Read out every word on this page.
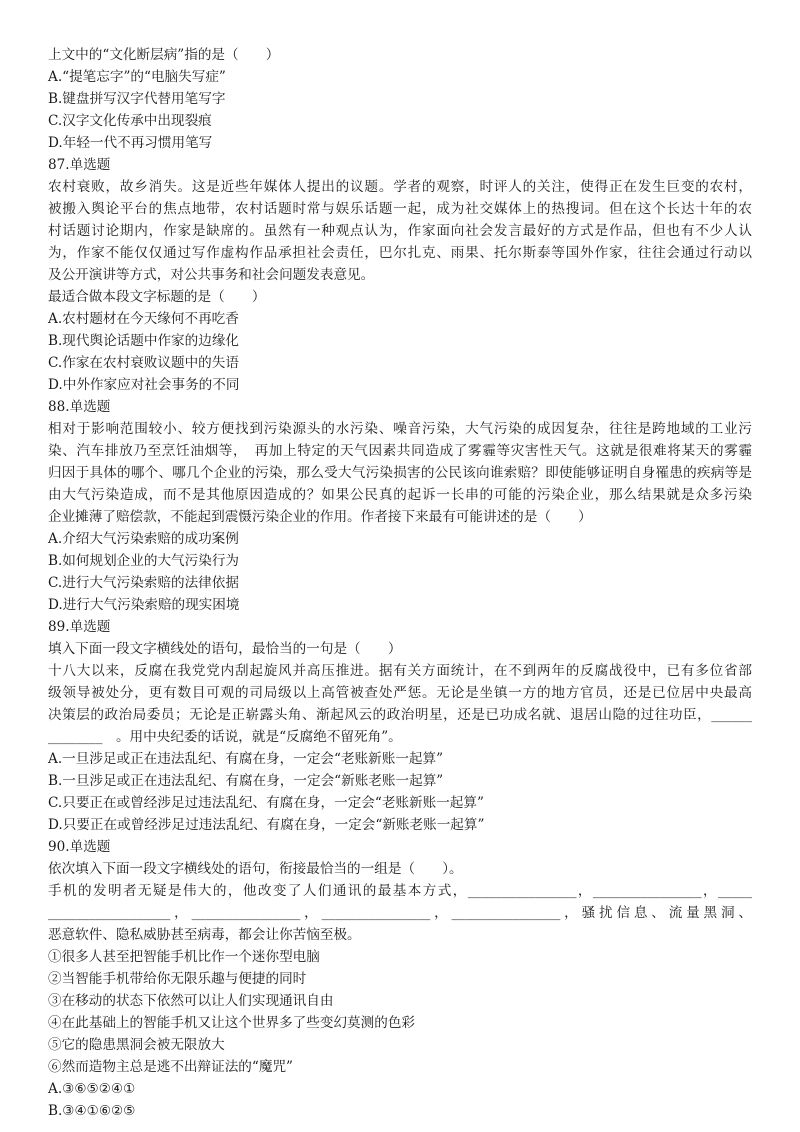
上文中的“文化断层病”指的是（　　）
A.“提笔忘字”的“电脑失写症”
B.键盘拼写汉字代替用笔写字
C.汉字文化传承中出现裂痕
D.年轻一代不再习惯用笔写
87.单选题
农村衰败，故乡消失。这是近些年媒体人提出的议题。学者的观察，时评人的关注，使得正在发生巨变的农村，
被搬入舆论平台的焦点地带，农村话题时常与娱乐话题一起，成为社交媒体上的热搜词。但在这个长达十年的农
村话题讨论期内，作家是缺席的。虽然有一种观点认为，作家面向社会发言最好的方式是作品，但也有不少人认
为，作家不能仅仅通过写作虚构作品承担社会责任，巴尔扎克、雨果、托尔斯泰等国外作家，往往会通过行动以
及公开演讲等方式，对公共事务和社会问题发表意见。
最适合做本段文字标题的是（　　）
A.农村题材在今天缘何不再吃香
B.现代舆论话题中作家的边缘化
C.作家在农村衰败议题中的失语
D.中外作家应对社会事务的不同
88.单选题
相对于影响范围较小、较方便找到污染源头的水污染、噪音污染，大气污染的成因复杂，往往是跨地域的工业污
染、汽车排放乃至烹饪油烟等，　再加上特定的天气因素共同造成了雾霾等灾害性天气。这就是很难将某天的雾霾
归因于具体的哪个、哪几个企业的污染，那么受大气污染损害的公民该向谁索赔？即使能够证明自身罹患的疾病等是
由大气污染造成，而不是其他原因造成的？如果公民真的起诉一长串的可能的污染企业，那么结果就是众多污染
企业摊薄了赔偿款，不能起到震慑污染企业的作用。作者接下来最有可能讲述的是（　　）
A.介绍大气污染索赔的成功案例
B.如何规划企业的大气污染行为
C.进行大气污染索赔的法律依据
D.进行大气污染索赔的现实困境
89.单选题
填入下面一段文字横线处的语句，最恰当的一句是（　　）
十八大以来，反腐在我党党内刮起旋风并高压推进。据有关方面统计，在不到两年的反腐战役中，已有多位省部
级领导被处分，更有数目可观的司局级以上高管被查处严惩。无论是坐镇一方的地方官员，还是已位居中央最高
决策层的政治局委员；无论是正崭露头角、渐起风云的政治明星，还是已功成名就、退居山隐的过往功臣，______
________　。用中央纪委的话说，就是“反腐绝不留死角”。
A.一旦涉足或正在违法乱纪、有腐在身，一定会“老账新账一起算”
B.一旦涉足或正在违法乱纪、有腐在身，一定会“新账老账一起算”
C.只要正在或曾经涉足过违法乱纪、有腐在身，一定会“老账新账一起算”
D.只要正在或曾经涉足过违法乱纪、有腐在身，一定会“新账老账一起算”
90.单选题
依次填入下面一段文字横线处的语句，衔接最恰当的一组是（　　）。
手机的发明者无疑是伟大的，他改变了人们通讯的最基本方式，________________，________________，_____
__________________，________________，________________，________________，骚扰信息、流量黑洞、
恶意软件、隐私威胁甚至病毒，都会让你苦恼至极。
①很多人甚至把智能手机比作一个迷你型电脑
②当智能手机带给你无限乐趣与便捷的同时
③在移动的状态下依然可以让人们实现通讯自由
④在此基础上的智能手机又让这个世界多了些变幻莫测的色彩
⑤它的隐患黑洞会被无限放大
⑥然而造物主总是逃不出辩证法的“魔咒”
A.③⑥⑤②④①
B.③④①⑥②⑤
